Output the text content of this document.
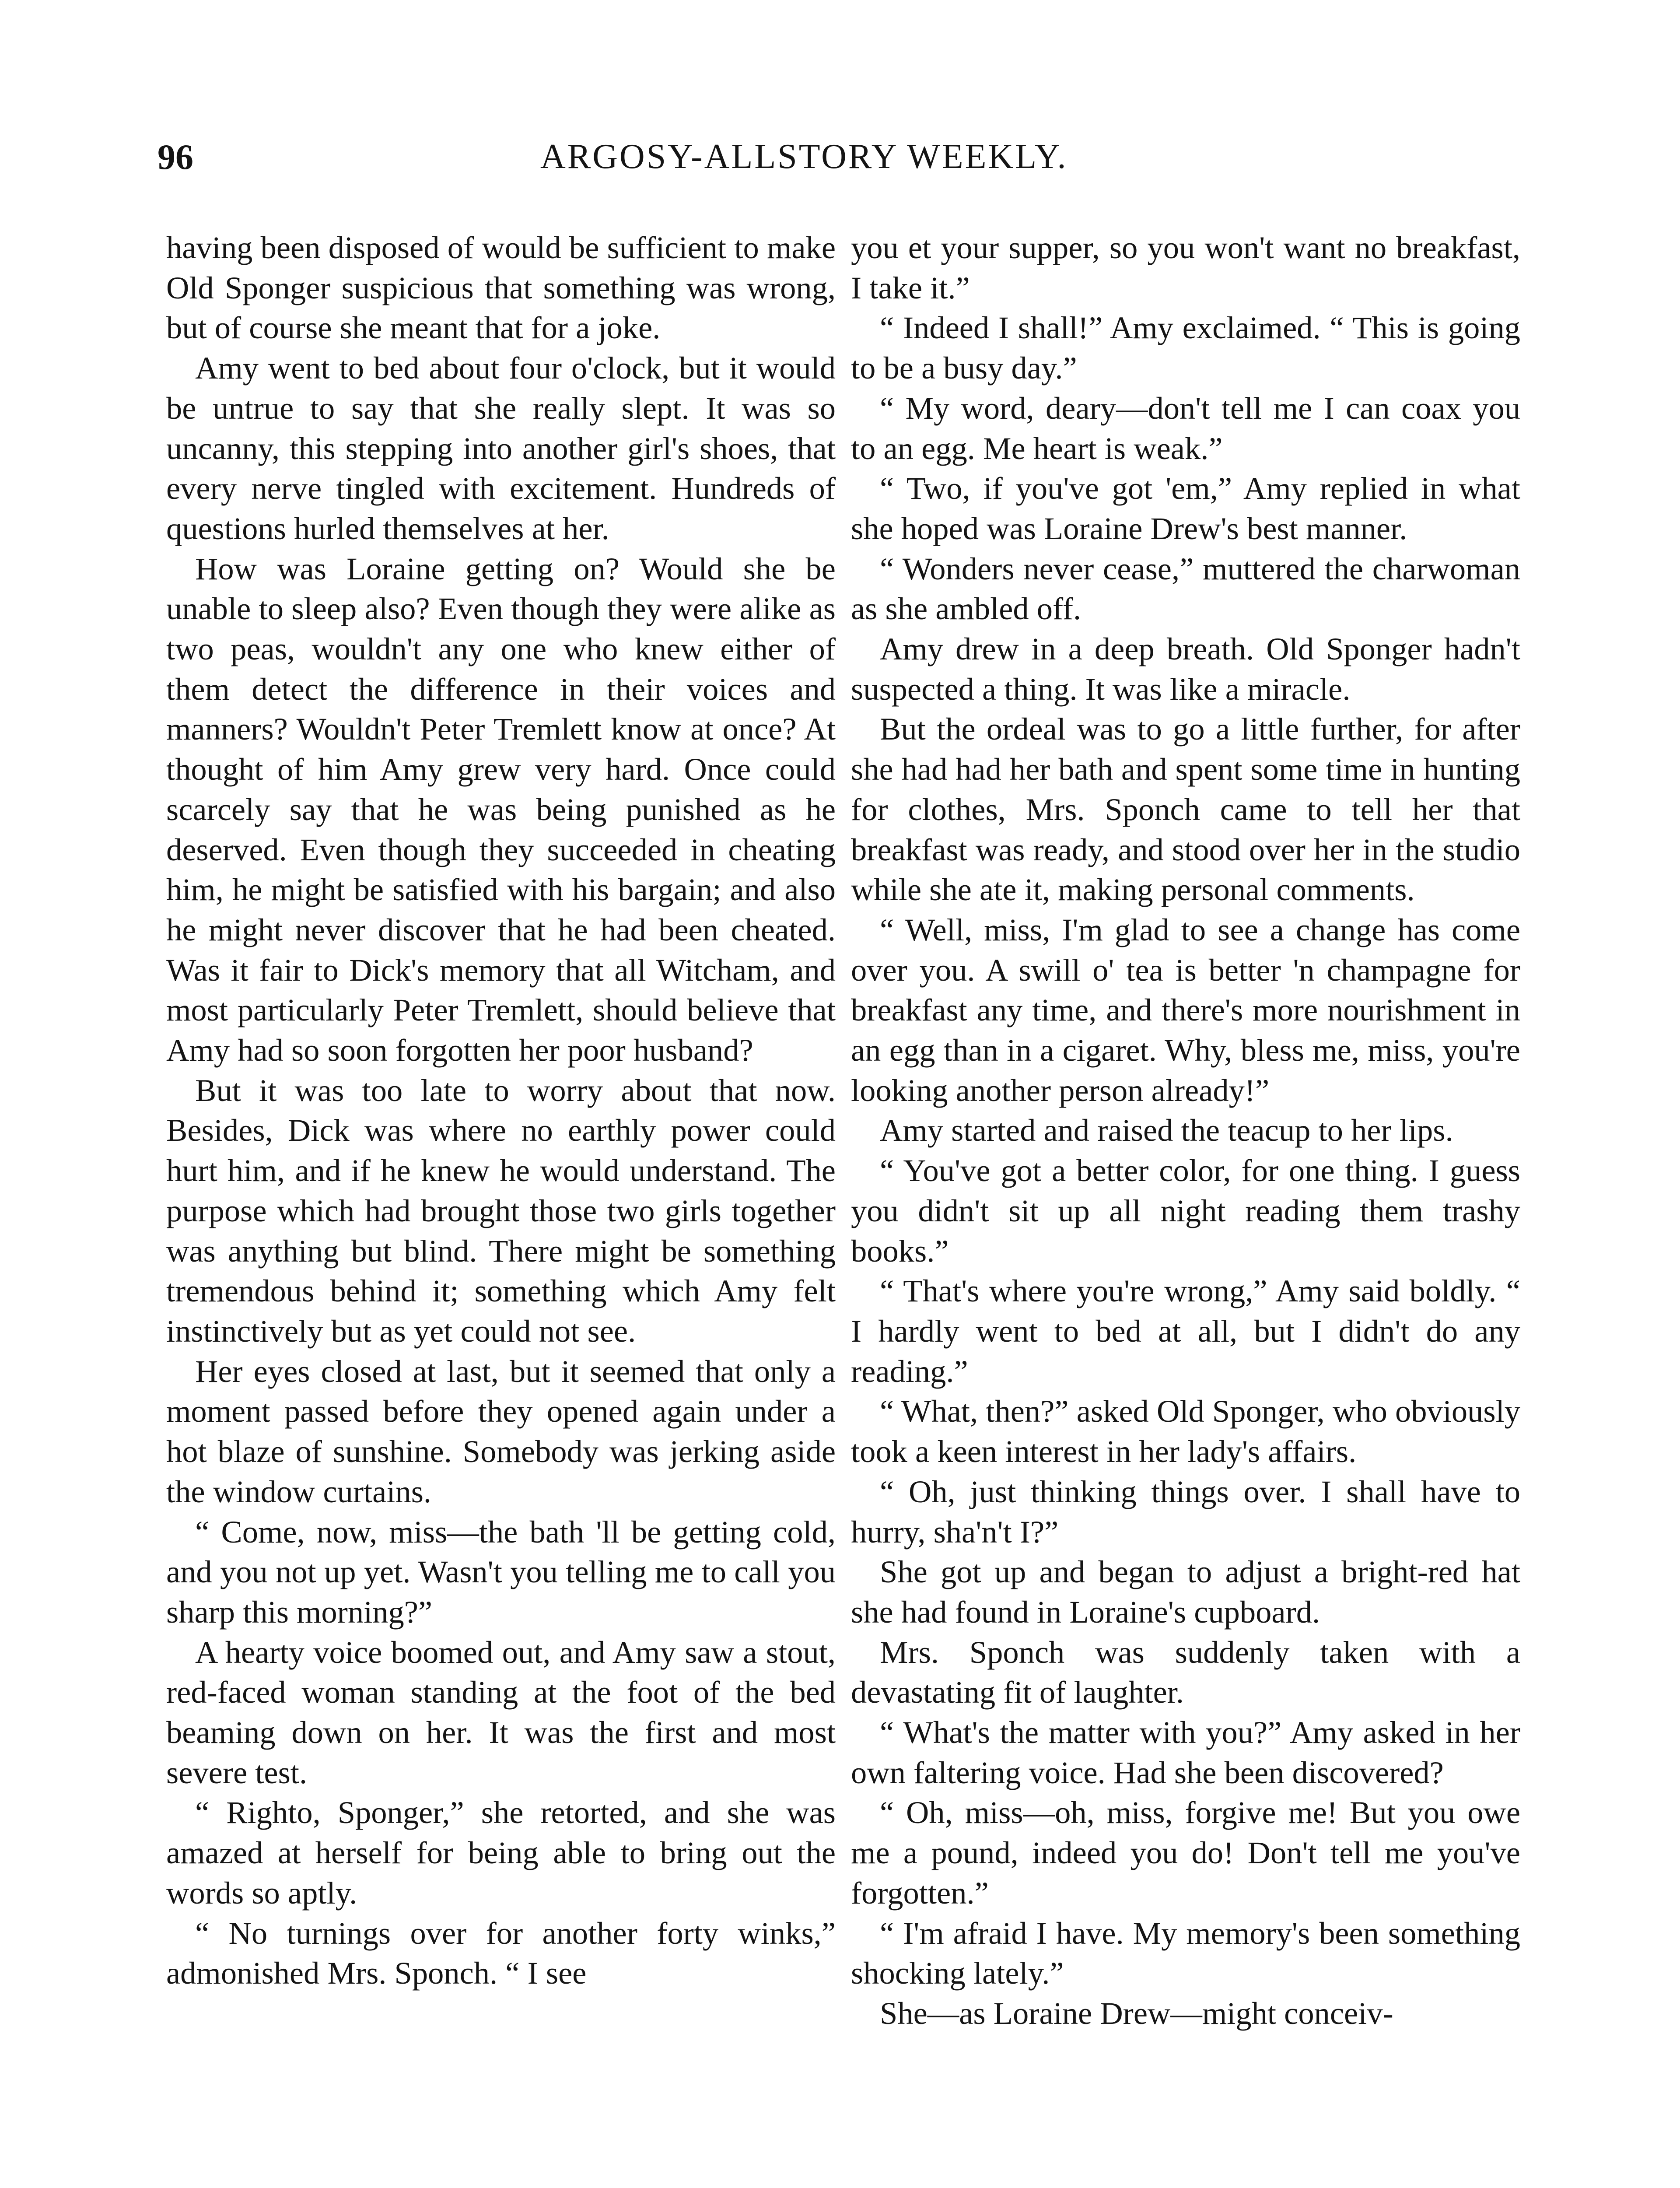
96	ARGOSY-ALLSTORY WEEKLY.

having been disposed of would be sufficient to make Old Sponger suspicious that something was wrong, but of course she meant that for a joke.

Amy went to bed about four o'clock, but it would be untrue to say that she really slept. It was so uncanny, this stepping into another girl's shoes, that every nerve tingled with excitement. Hundreds of questions hurled themselves at her.

How was Loraine getting on? Would she be unable to sleep also? Even though they were alike as two peas, wouldn't any one who knew either of them detect the difference in their voices and manners? Wouldn't Peter Tremlett know at once? At thought of him Amy grew very hard. Once could scarcely say that he was being punished as he deserved. Even though they succeeded in cheating him, he might be satisfied with his bargain; and also he might never discover that he had been cheated. Was it fair to Dick's memory that all Witcham, and most particularly Peter Tremlett, should believe that Amy had so soon forgotten her poor husband?

But it was too late to worry about that now. Besides, Dick was where no earthly power could hurt him, and if he knew he would understand. The purpose which had brought those two girls together was anything but blind. There might be something tremendous behind it; something which Amy felt instinctively but as yet could not see.

Her eyes closed at last, but it seemed that only a moment passed before they opened again under a hot blaze of sunshine. Somebody was jerking aside the window curtains.

“ Come, now, miss—the bath 'll be getting cold, and you not up yet. Wasn't you telling me to call you sharp this morning?”

A hearty voice boomed out, and Amy saw a stout, red-faced woman standing at the foot of the bed beaming down on her. It was the first and most severe test.

“ Righto, Sponger,” she retorted, and she was amazed at herself for being able to bring out the words so aptly.

“ No turnings over for another forty winks,” admonished Mrs. Sponch. “ I see

you et your supper, so you won't want no breakfast, I take it.”

“ Indeed I shall!” Amy exclaimed. “ This is going to be a busy day.”

“ My word, deary—don't tell me I can coax you to an egg. Me heart is weak.”

“ Two, if you've got 'em,” Amy replied in what she hoped was Loraine Drew's best manner.

“ Wonders never cease,” muttered the charwoman as she ambled off.

Amy drew in a deep breath. Old Sponger hadn't suspected a thing. It was like a miracle.

But the ordeal was to go a little further, for after she had had her bath and spent some time in hunting for clothes, Mrs. Sponch came to tell her that breakfast was ready, and stood over her in the studio while she ate it, making personal comments.

“ Well, miss, I'm glad to see a change has come over you. A swill o' tea is better 'n champagne for breakfast any time, and there's more nourishment in an egg than in a cigaret. Why, bless me, miss, you're looking another person already!”

Amy started and raised the teacup to her lips.

“ You've got a better color, for one thing. I guess you didn't sit up all night reading them trashy books.”

“ That's where you're wrong,” Amy said boldly. “ I hardly went to bed at all, but I didn't do any reading.”

“ What, then?” asked Old Sponger, who obviously took a keen interest in her lady's affairs.

“ Oh, just thinking things over. I shall have to hurry, sha'n't I?”

She got up and began to adjust a bright-red hat she had found in Loraine's cupboard.

Mrs. Sponch was suddenly taken with a devastating fit of laughter.

“ What's the matter with you?” Amy asked in her own faltering voice. Had she been discovered?

“ Oh, miss—oh, miss, forgive me! But you owe me a pound, indeed you do! Don't tell me you've forgotten.”

“ I'm afraid I have. My memory's been something shocking lately.”

She—as Loraine Drew—might conceiv-
